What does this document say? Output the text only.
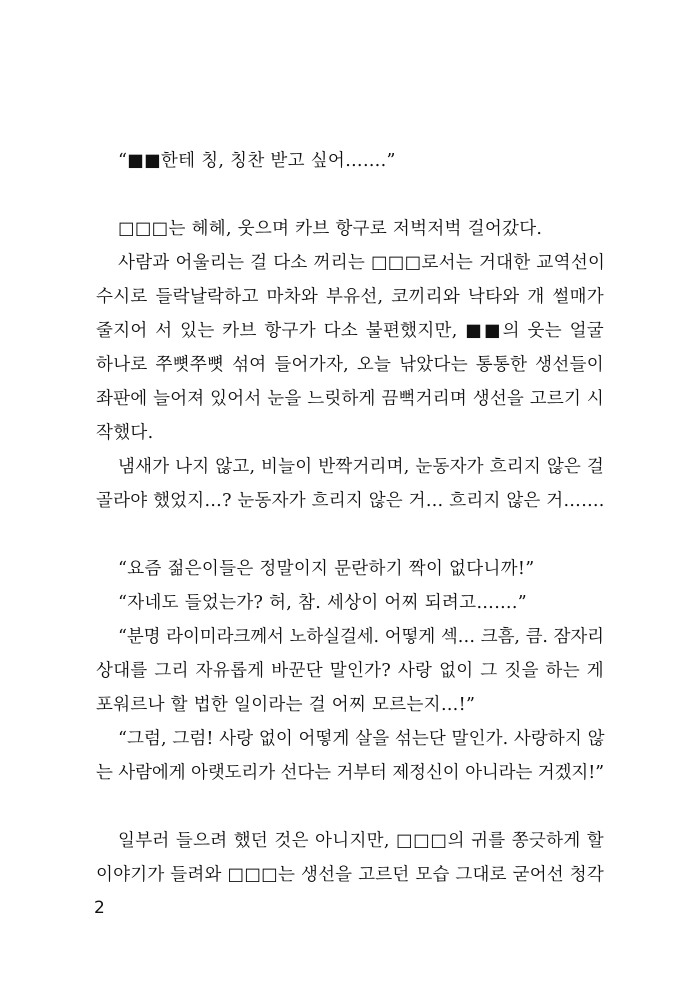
“■■한테 칭, 칭찬 받고 싶어…….”
□□□는 헤헤, 웃으며 카브 항구로 저벅저벅 걸어갔다.
사람과 어울리는 걸 다소 꺼리는 □□□로서는 거대한 교역선이
수시로 들락날락하고 마차와 부유선, 코끼리와 낙타와 개 썰매가
줄지어 서 있는 카브 항구가 다소 불편했지만, ■■의 웃는 얼굴
하나로 쭈뼛쭈뼛 섞여 들어가자, 오늘 낚았다는 통통한 생선들이
좌판에 늘어져 있어서 눈을 느릿하게 끔뻑거리며 생선을 고르기 시
작했다.
냄새가 나지 않고, 비늘이 반짝거리며, 눈동자가 흐리지 않은 걸
골라야 했었지…? 눈동자가 흐리지 않은 거… 흐리지 않은 거…….
“요즘 젊은이들은 정말이지 문란하기 짝이 없다니까!”
“자네도 들었는가? 허, 참. 세상이 어찌 되려고…….”
“분명 라이미라크께서 노하실걸세. 어떻게 섹… 크흠, 큼. 잠자리
상대를 그리 자유롭게 바꾼단 말인가? 사랑 없이 그 짓을 하는 게
포워르나 할 법한 일이라는 걸 어찌 모르는지…!”
“그럼, 그럼! 사랑 없이 어떻게 살을 섞는단 말인가. 사랑하지 않
는 사람에게 아랫도리가 선다는 거부터 제정신이 아니라는 거겠지!”
일부러 들으려 했던 것은 아니지만, □□□의 귀를 쫑긋하게 할
이야기가 들려와 □□□는 생선을 고르던 모습 그대로 굳어선 청각
2
